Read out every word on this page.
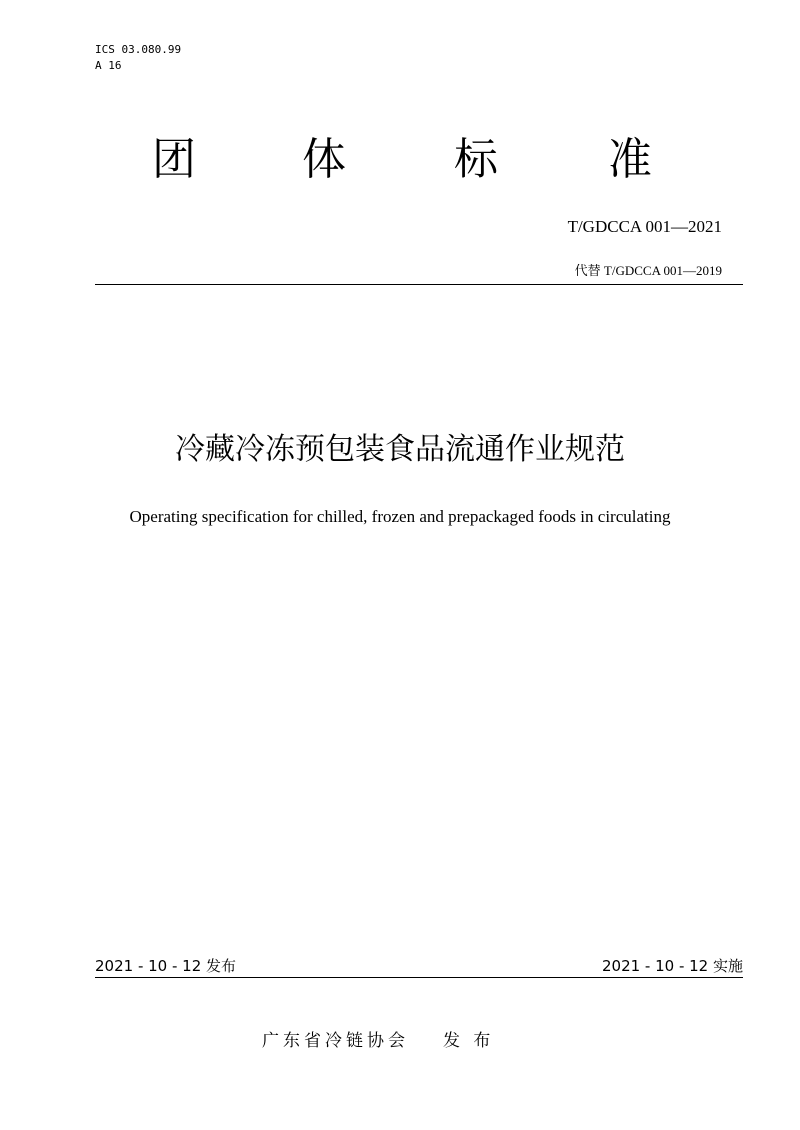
ICS 03.080.99
A 16
团 体 标	准
T/GDCCA 001—2021
代替 T/GDCCA 001—2019
冷藏冷冻预包装食品流通作业规范
Operating specification for chilled, frozen and prepackaged foods in circulating
2021 - 10 - 12 发布	2021 - 10 - 12 实施
广东省冷链协会 发 布
